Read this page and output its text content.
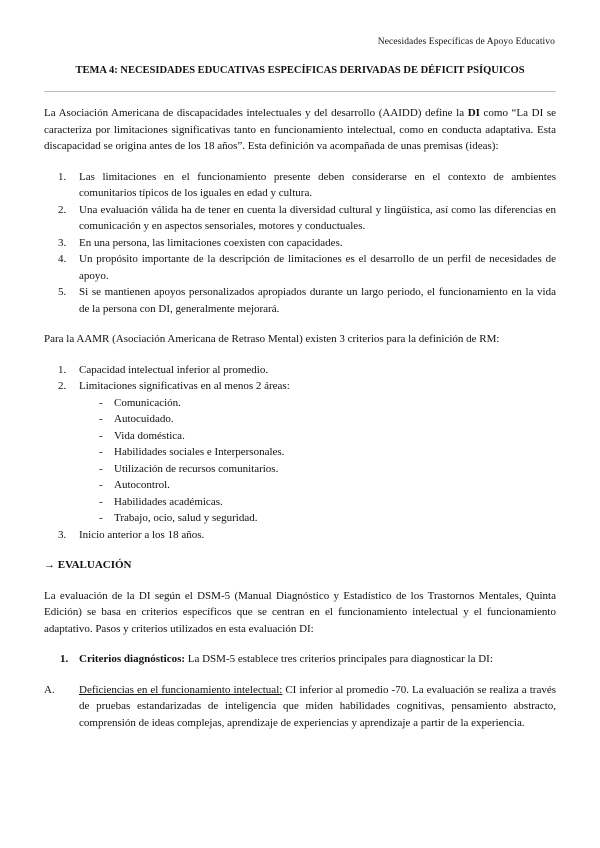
Necesidades Específicas de Apoyo Educativo
TEMA 4: NECESIDADES EDUCATIVAS ESPECÍFICAS DERIVADAS DE DÉFICIT PSÍQUICOS

La Asociación Americana de discapacidades intelectuales y del desarrollo (AAIDD) define la DI como “La DI se caracteriza por limitaciones significativas tanto en funcionamiento intelectual, como en conducta adaptativa. Esta discapacidad se origina antes de los 18 años”. Esta definición va acompañada de unas premisas (ideas):

1. Las limitaciones en el funcionamiento presente deben considerarse en el contexto de ambientes comunitarios típicos de los iguales en edad y cultura.
2. Una evaluación válida ha de tener en cuenta la diversidad cultural y lingüística, así como las diferencias en comunicación y en aspectos sensoriales, motores y conductuales.
3. En una persona, las limitaciones coexisten con capacidades.
4. Un propósito importante de la descripción de limitaciones es el desarrollo de un perfil de necesidades de apoyo.
5. Si se mantienen apoyos personalizados apropiados durante un largo periodo, el funcionamiento en la vida de la persona con DI, generalmente mejorará.

Para la AAMR (Asociación Americana de Retraso Mental) existen 3 criterios para la definición de RM:

1. Capacidad intelectual inferior al promedio.
2. Limitaciones significativas en al menos 2 áreas:
- Comunicación.
- Autocuidado.
- Vida doméstica.
- Habilidades sociales e Interpersonales.
- Utilización de recursos comunitarios.
- Autocontrol.
- Habilidades académicas.
- Trabajo, ocio, salud y seguridad.
3. Inicio anterior a los 18 años.

→ EVALUACIÓN

La evaluación de la DI según el DSM-5 (Manual Diagnóstico y Estadístico de los Trastornos Mentales, Quinta Edición) se basa en criterios específicos que se centran en el funcionamiento intelectual y el funcionamiento adaptativo. Pasos y criterios utilizados en esta evaluación DI:

1. Criterios diagnósticos: La DSM-5 establece tres criterios principales para diagnosticar la DI:
A. Deficiencias en el funcionamiento intelectual: CI inferior al promedio -70. La evaluación se realiza a través de pruebas estandarizadas de inteligencia que miden habilidades cognitivas, pensamiento abstracto, comprensión de ideas complejas, aprendizaje de experiencias y aprendizaje a partir de la experiencia.
